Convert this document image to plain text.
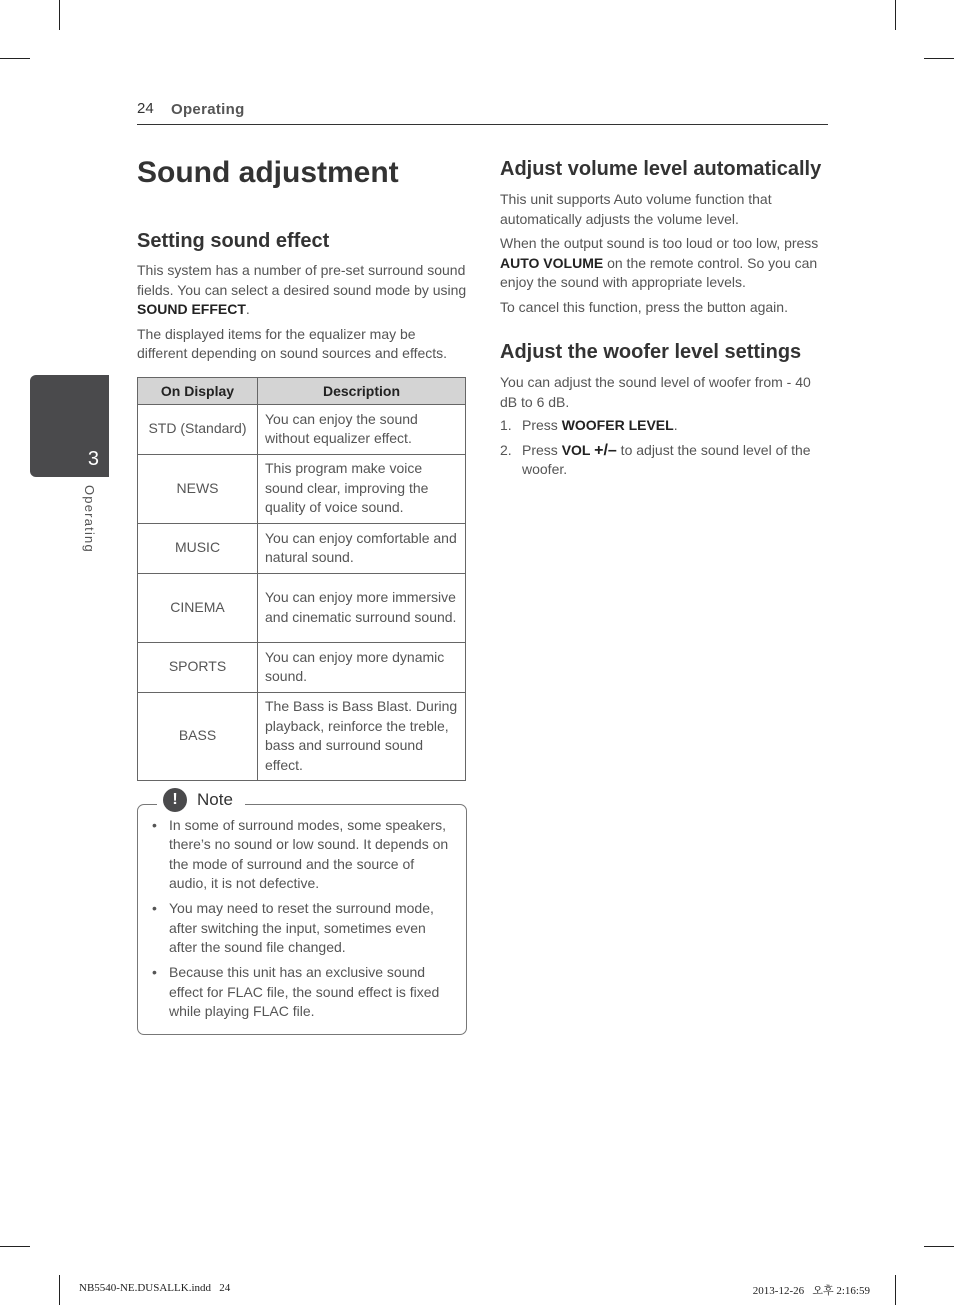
24 Operating
3
Operating
Sound adjustment
Setting sound effect

This system has a number of pre-set surround sound fields. You can select a desired sound mode by using SOUND EFFECT.

The displayed items for the equalizer may be different depending on sound sources and effects.

On Display	Description
STD (Standard)	You can enjoy the sound without equalizer effect.
NEWS	This program make voice sound clear, improving the quality of voice sound.
MUSIC	You can enjoy comfortable and natural sound.
CINEMA	You can enjoy more immersive and cinematic surround sound.
SPORTS	You can enjoy more dynamic sound.
BASS	The Bass is Bass Blast. During playback, reinforce the treble, bass and surround sound effect.
!	Note
• In some of surround modes, some speakers, there’s no sound or low sound. It depends on the mode of surround and the source of audio, it is not defective.
• You may need to reset the surround mode, after switching the input, sometimes even after the sound file changed.
• Because this unit has an exclusive sound effect for FLAC file, the sound effect is fixed while playing FLAC file.
Adjust volume level automatically

This unit supports Auto volume function that automatically adjusts the volume level.

When the output sound is too loud or too low, press AUTO VOLUME on the remote control. So you can enjoy the sound with appropriate levels.

To cancel this function, press the button again.

Adjust the woofer level settings

You can adjust the sound level of woofer from - 40 dB to 6 dB.

1. Press WOOFER LEVEL.
2. Press VOL +/– to adjust the sound level of the woofer.
NB5540-NE.DUSALLK.indd   24	2013-12-26   오후 2:16:59
